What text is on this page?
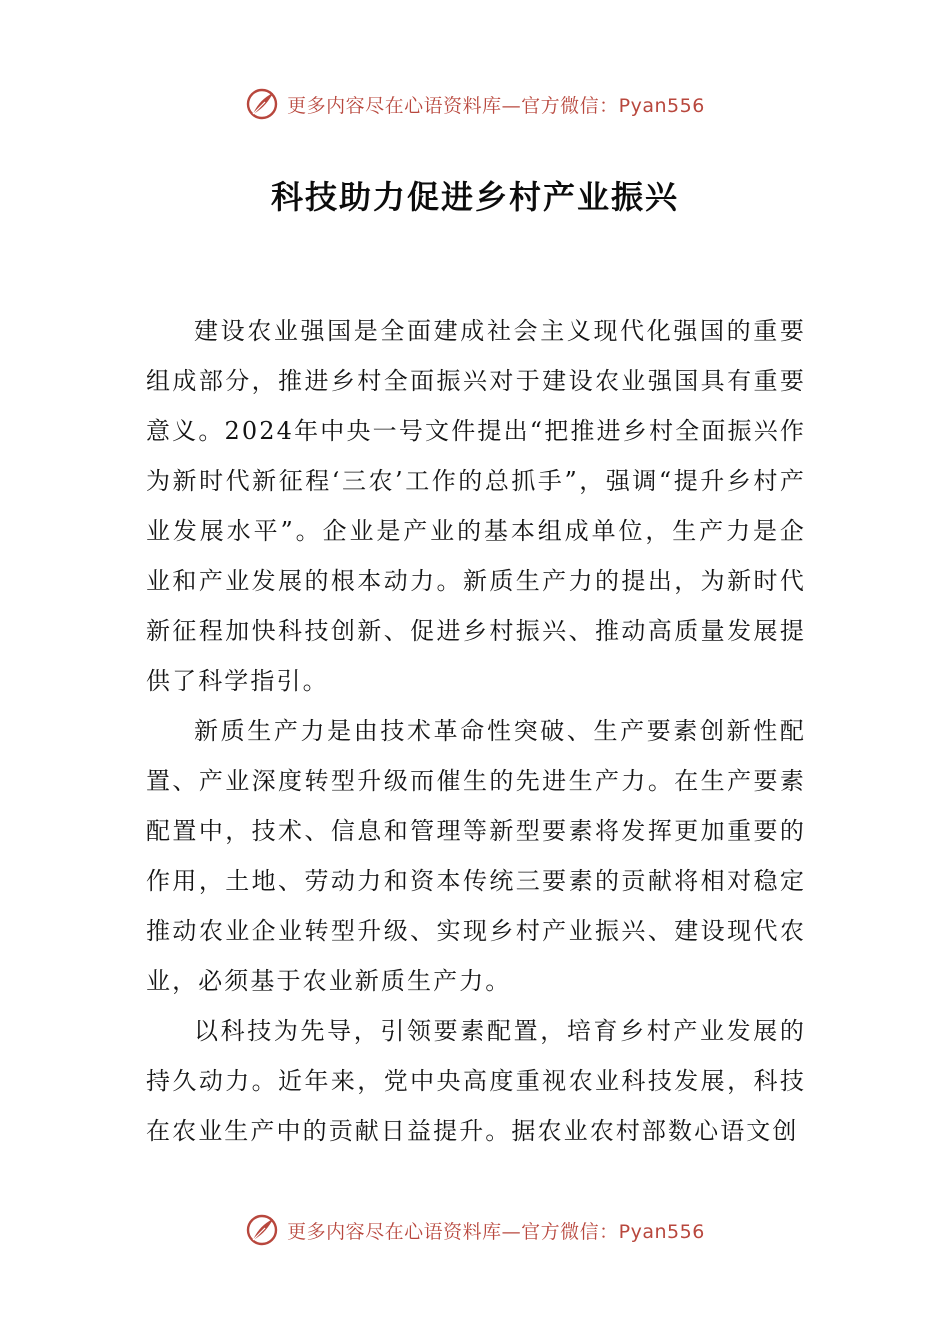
更多内容尽在心语资料库—官方微信：Pyan556
科技助力促进乡村产业振兴

建设农业强国是全面建成社会主义现代化强国的重要组成部分，推进乡村全面振兴对于建设农业强国具有重要意义。2024年中央一号文件提出“把推进乡村全面振兴作为新时代新征程‘三农’工作的总抓手”，强调“提升乡村产业发展水平”。企业是产业的基本组成单位，生产力是企业和产业发展的根本动力。新质生产力的提出，为新时代新征程加快科技创新、促进乡村振兴、推动高质量发展提供了科学指引。

新质生产力是由技术革命性突破、生产要素创新性配置、产业深度转型升级而催生的先进生产力。在生产要素配置中，技术、信息和管理等新型要素将发挥更加重要的作用，土地、劳动力和资本传统三要素的贡献将相对稳定推动农业企业转型升级、实现乡村产业振兴、建设现代农业，必须基于农业新质生产力。

以科技为先导，引领要素配置，培育乡村产业发展的持久动力。近年来，党中央高度重视农业科技发展，科技在农业生产中的贡献日益提升。据农业农村部数心语文创

更多内容尽在心语资料库—官方微信：Pyan556
